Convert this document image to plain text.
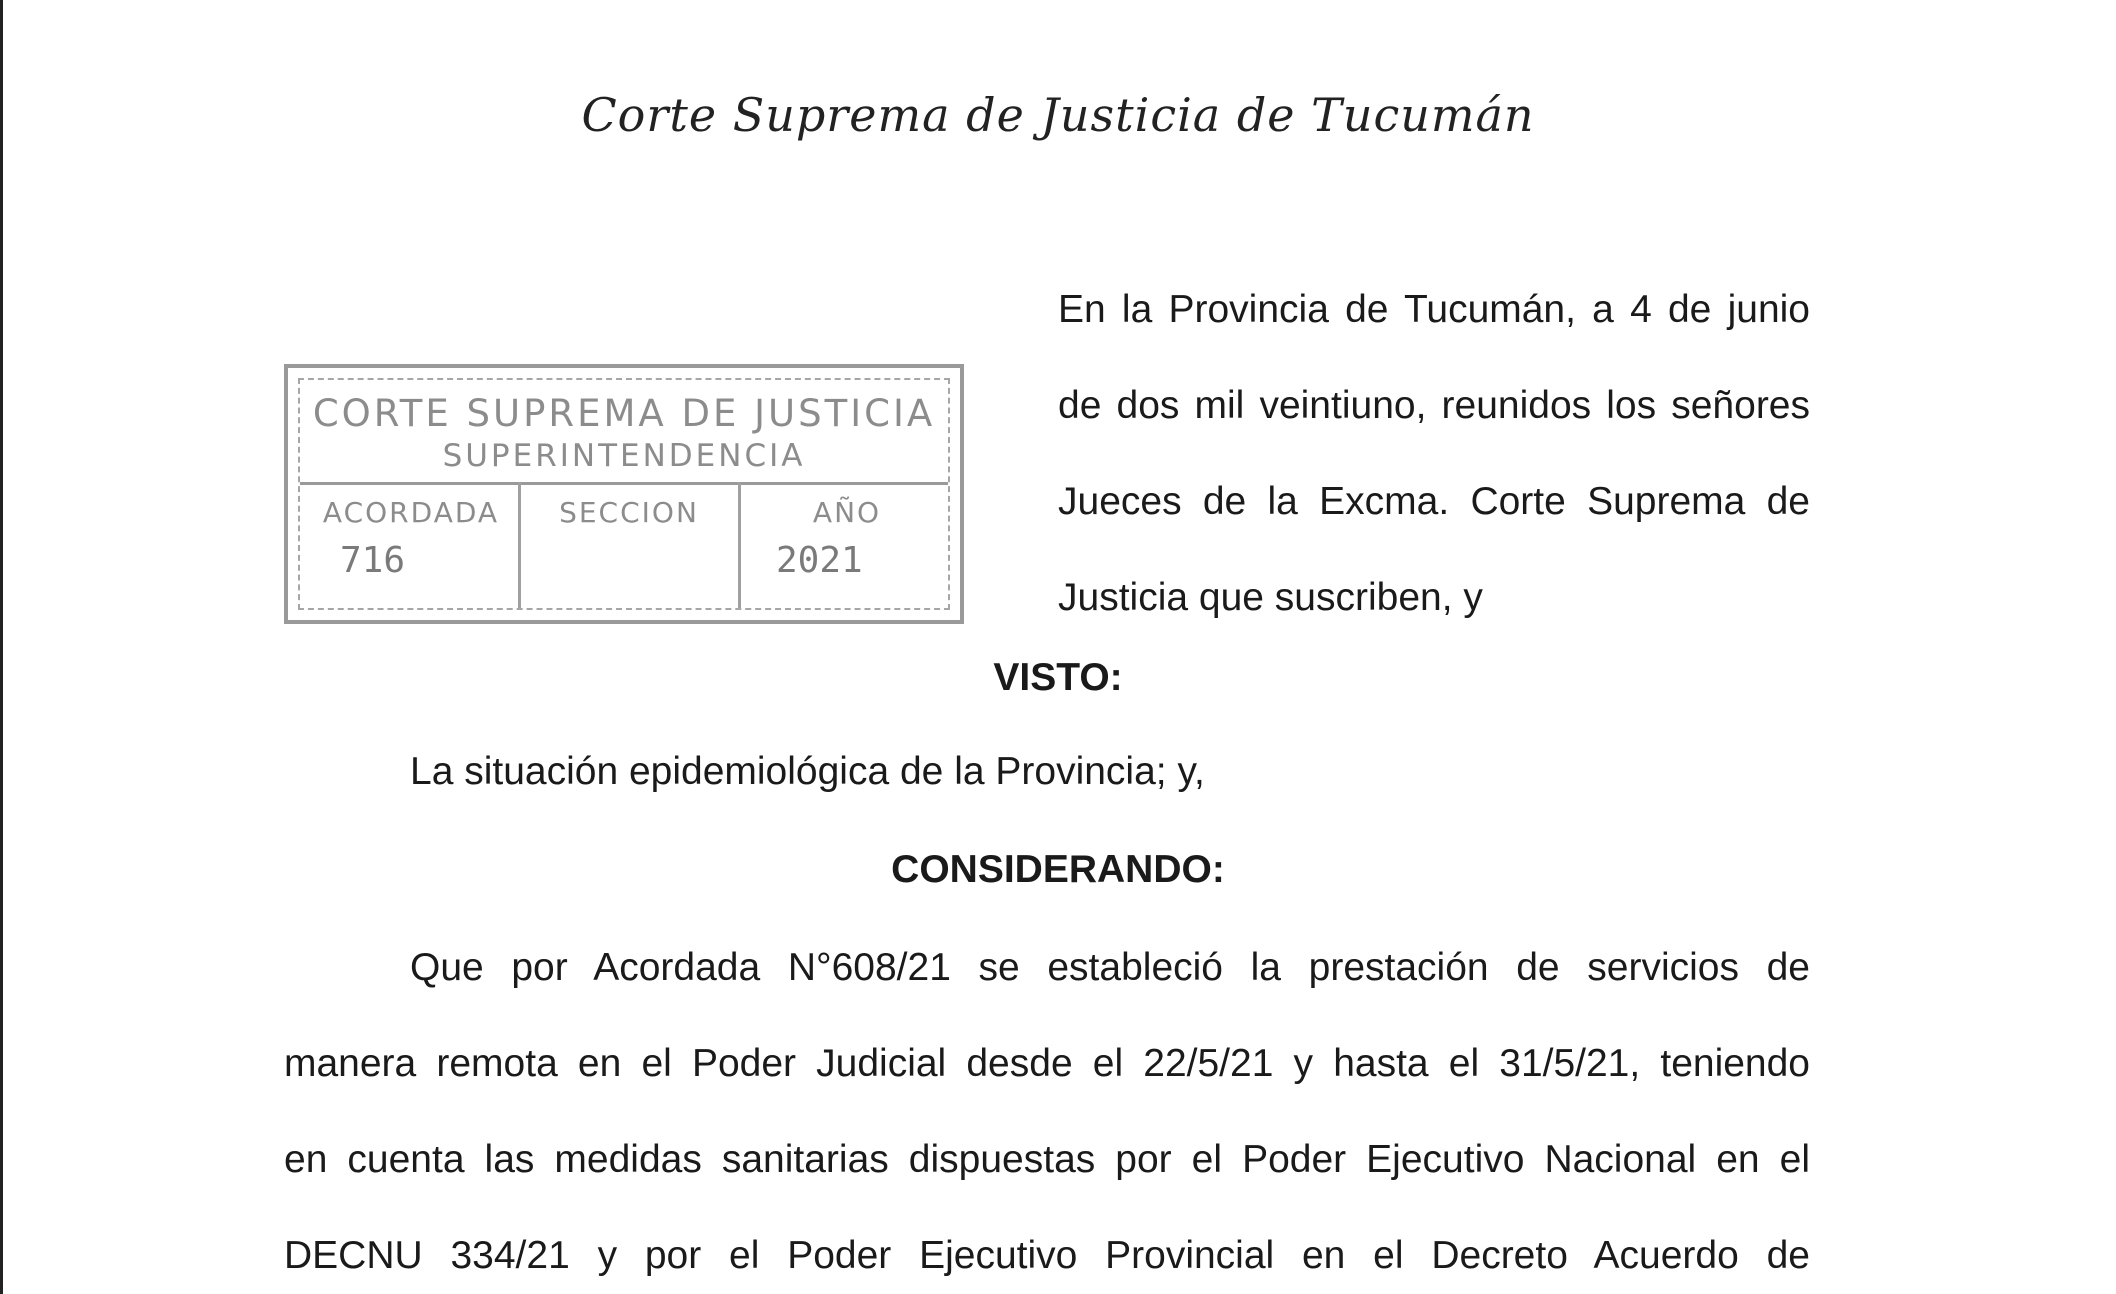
Corte Suprema de Justicia de Tucumán
CORTE SUPREMA DE JUSTICIA
SUPERINTENDENCIA
ACORDADA
716
SECCION	AÑO
2021
En la Provincia de Tucumán, a 4 de junio de dos mil veintiuno, reunidos los señores Jueces de la Excma. Corte Suprema de Justicia que suscriben, y
VISTO:
La situación epidemiológica de la Provincia; y,
CONSIDERANDO:
Que por Acordada N°608/21 se estableció la prestación de servicios de
manera remota en el Poder Judicial desde el 22/5/21 y hasta el 31/5/21, teniendo
en cuenta las medidas sanitarias dispuestas por el Poder Ejecutivo Nacional en el
DECNU 334/21 y por el Poder Ejecutivo Provincial en el Decreto Acuerdo de
